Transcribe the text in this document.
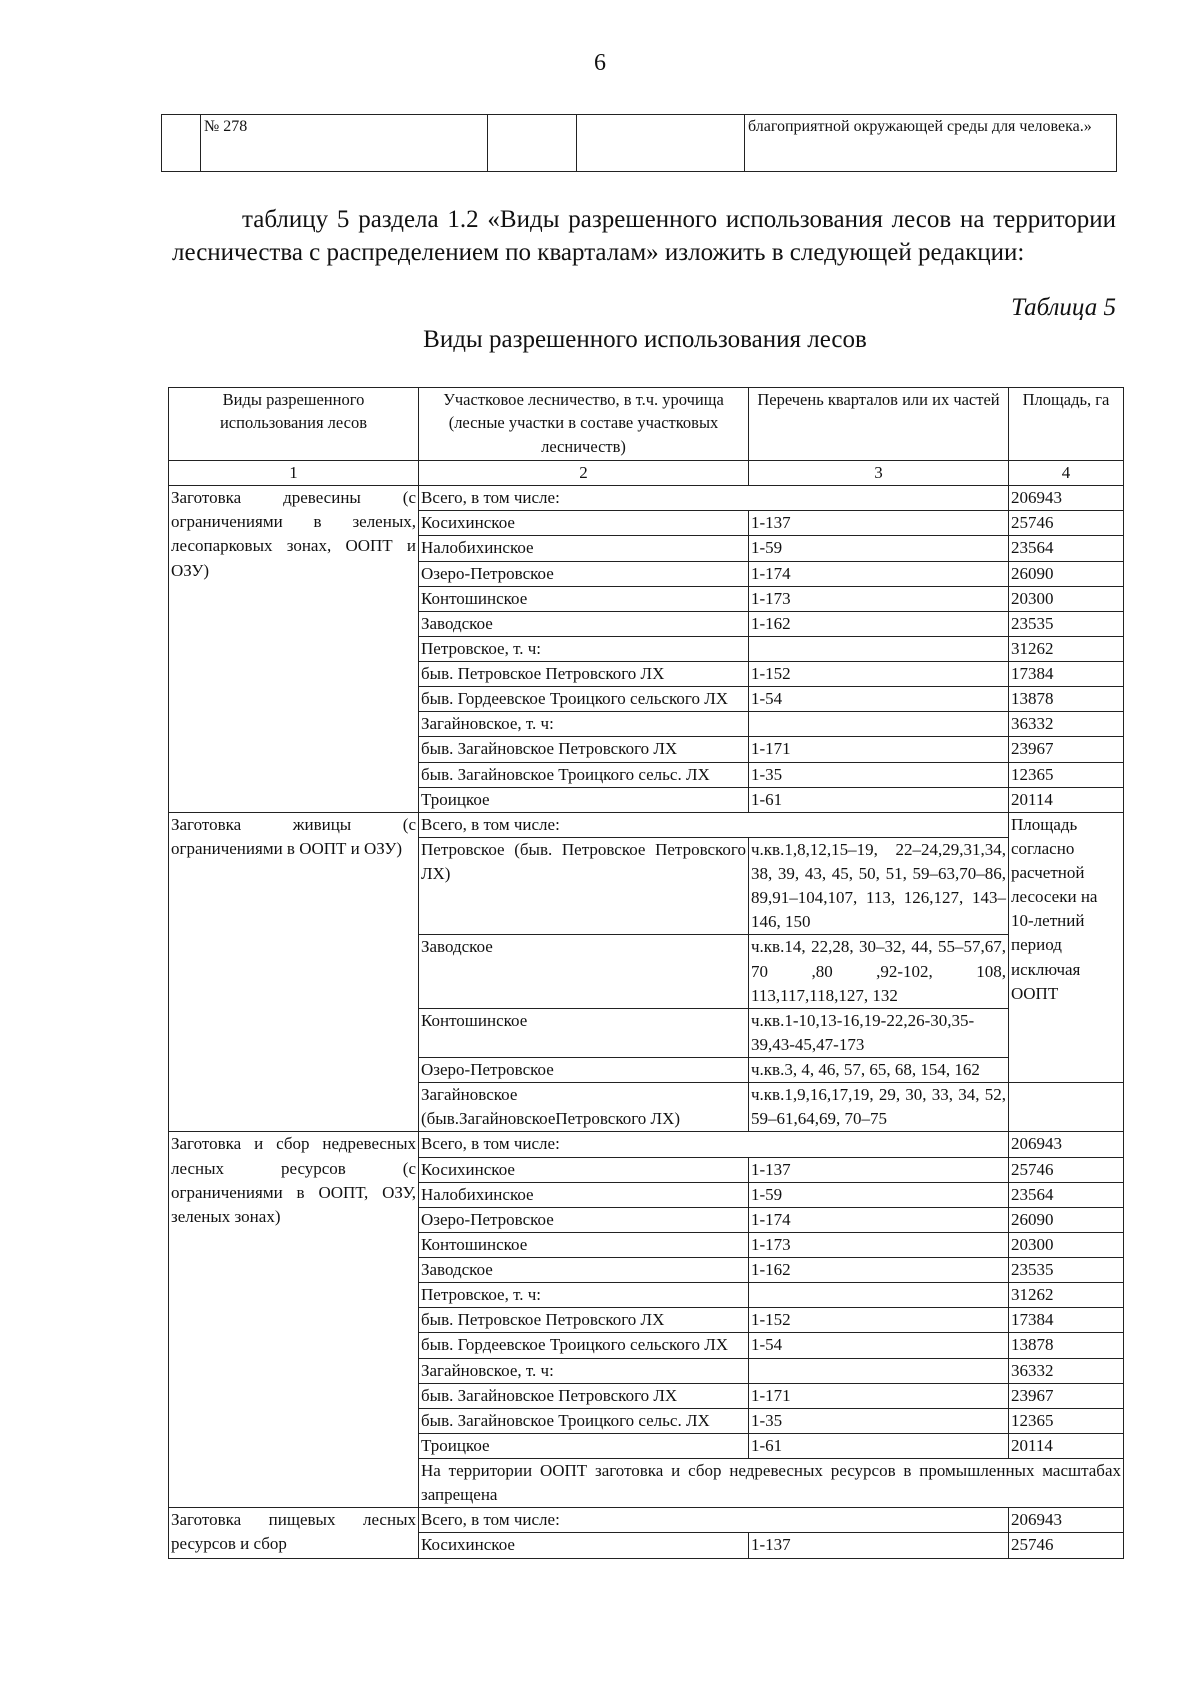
6
	№ 278			благоприятной окружающей среды для человека.»
таблицу 5 раздела 1.2 «Виды разрешенного использования лесов на территории лесничества с распределением по кварталам» изложить в следующей редакции:
Таблица 5
Виды разрешенного использования лесов
Виды разрешенного использования лесов	Участковое лесничество, в т.ч. урочища (лесные участки в составе участковых лесничеств)	Перечень кварталов или их частей	Площадь, га
1	2	3	4
Заготовка древесины (с ограничениями в зеленых, лесопарковых зонах, ООПТ и ОЗУ)	Всего, в том числе:		206943
	Косихинское	1-137	25746
	Налобихинское	1-59	23564
	Озеро-Петровское	1-174	26090
	Контошинское	1-173	20300
	Заводское	1-162	23535
	Петровское, т. ч:		31262
	быв. Петровское Петровского ЛХ	1-152	17384
	быв. Гордеевское Троицкого сельского ЛХ	1-54	13878
	Загайновское, т. ч:		36332
	быв. Загайновское Петровского ЛХ	1-171	23967
	быв. Загайновское Троицкого сельс. ЛХ	1-35	12365
	Троицкое	1-61	20114
Заготовка живицы (с ограничениями в ООПТ и ОЗУ)	Всего, в том числе:		Площадь согласно расчетной лесосеки на 10-летний период исключая ООПТ
	Петровское (быв. Петровское Петровского ЛХ)	ч.кв.1,8,12,15–19, 22–24,29,31,34, 38, 39, 43, 45, 50, 51, 59–63,70–86, 89,91–104,107, 113, 126,127, 143–146, 150	
	Заводское	ч.кв.14, 22,28, 30–32, 44, 55–57,67, 70 ,80 ,92-102, 108, 113,117,118,127, 132	
	Контошинское	ч.кв.1-10,13-16,19-22,26-30,35-39,43-45,47-173	
	Озеро-Петровское	ч.кв.3, 4, 46, 57, 65, 68, 154, 162	
	Загайновское (быв.ЗагайновскоеПетровского ЛХ)	ч.кв.1,9,16,17,19, 29, 30, 33, 34, 52, 59–61,64,69, 70–75	
Заготовка и сбор недревесных лесных ресурсов (с ограничениями в ООПТ, ОЗУ, зеленых зонах)	Всего, в том числе:		206943
	Косихинское	1-137	25746
	Налобихинское	1-59	23564
	Озеро-Петровское	1-174	26090
	Контошинское	1-173	20300
	Заводское	1-162	23535
	Петровское, т. ч:		31262
	быв. Петровское Петровского ЛХ	1-152	17384
	быв. Гордеевское Троицкого сельского ЛХ	1-54	13878
	Загайновское, т. ч:		36332
	быв. Загайновское Петровского ЛХ	1-171	23967
	быв. Загайновское Троицкого сельс. ЛХ	1-35	12365
	Троицкое	1-61	20114
	На территории ООПТ заготовка и сбор недревесных ресурсов в промышленных масштабах запрещена		
Заготовка пищевых лесных ресурсов и сбор	Всего, в том числе:		206943
	Косихинское	1-137	25746
